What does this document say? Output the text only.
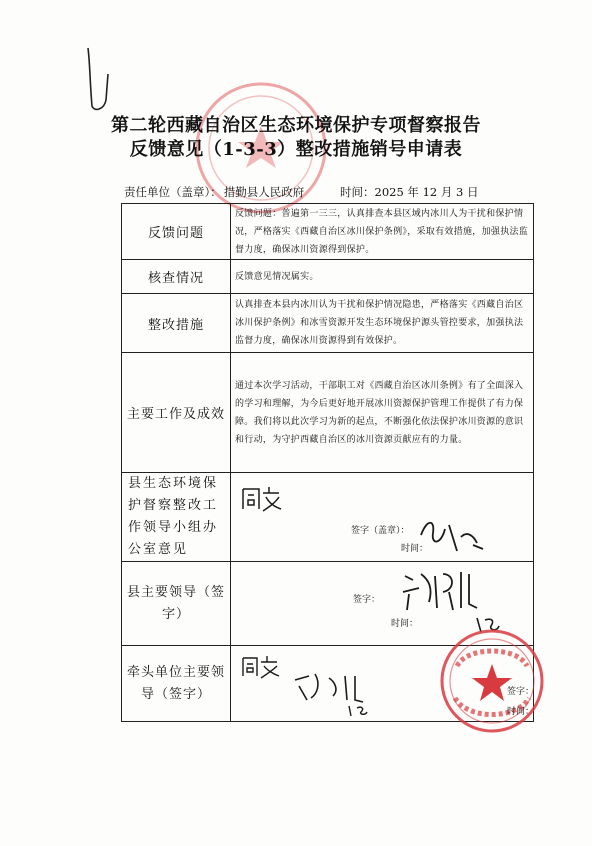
第二轮西藏自治区生态环境保护专项督察报告
反馈意见（1-3-3）整改措施销号申请表
责任单位（盖章）： 措勤县人民政府	时间：2025 年 12 月 3 日
反馈问题	反馈问题：普遍第一三三，认真排查本县区域内冰川人为干扰和保护情况，严格落实《西藏自治区冰川保护条例》，采取有效措施，加强执法监督力度，确保冰川资源得到保护。
核查情况	反馈意见情况属实。
整改措施	认真排查本县内冰川认为干扰和保护情况隐患，严格落实《西藏自治区冰川保护条例》和冰雪资源开发生态环境保护源头管控要求，加强执法监督力度，确保冰川资源得到有效保护。
主要工作及成效	通过本次学习活动，干部职工对《西藏自治区冰川条例》有了全面深入的学习和理解，为今后更好地开展冰川资源保护管理工作提供了有力保障。我们将以此次学习为新的起点，不断强化依法保护冰川资源的意识和行动，为守护西藏自治区的冰川资源贡献应有的力量。
县生态环境保护督察整改工作领导小组办公室意见	签字（盖章）：
时间：

县主要领导（签字）	签字：
时间：

牵头单位主要领导（签字）	签字：
时间：
